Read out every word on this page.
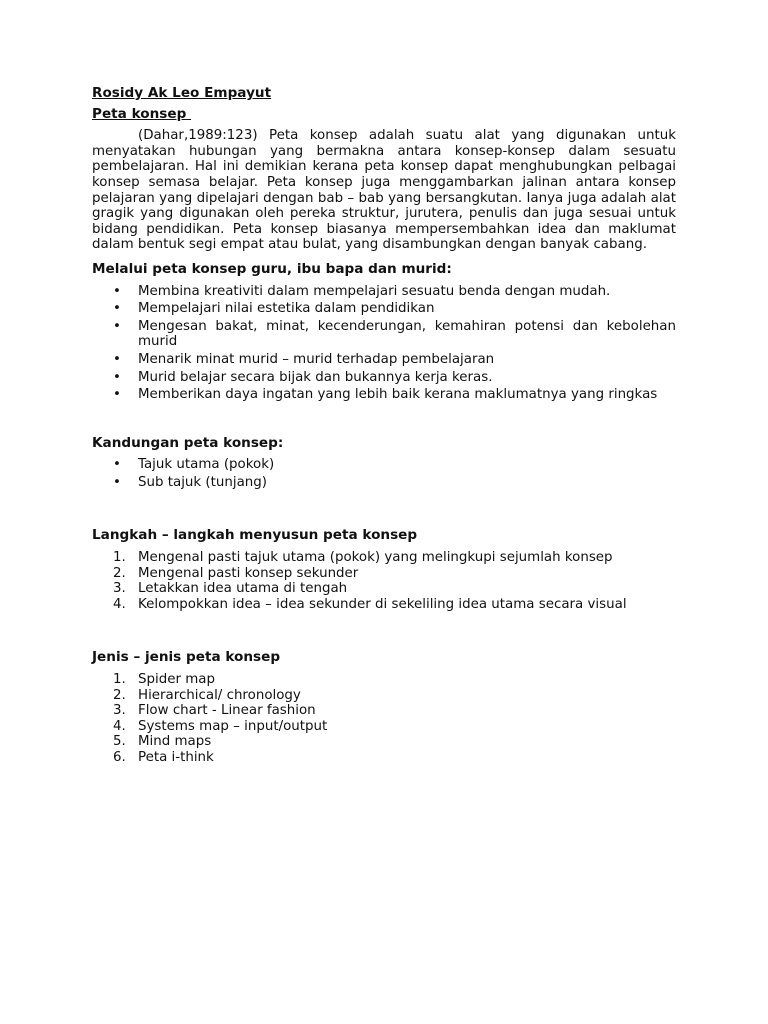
Rosidy Ak Leo Empayut

Peta konsep

(Dahar,1989:123) Peta konsep adalah suatu alat yang digunakan untuk menyatakan hubungan yang bermakna antara konsep-konsep dalam sesuatu pembelajaran. Hal ini demikian kerana peta konsep dapat menghubungkan pelbagai konsep semasa belajar. Peta konsep juga menggambarkan jalinan antara konsep pelajaran yang dipelajari dengan bab – bab yang bersangkutan. Ianya juga adalah alat gragik yang digunakan oleh pereka struktur, jurutera, penulis dan juga sesuai untuk bidang pendidikan. Peta konsep biasanya mempersembahkan idea dan maklumat dalam bentuk segi empat atau bulat, yang disambungkan dengan banyak cabang.

Melalui peta konsep guru, ibu bapa dan murid:

• Membina kreativiti dalam mempelajari sesuatu benda dengan mudah.
• Mempelajari nilai estetika dalam pendidikan
• Mengesan bakat, minat, kecenderungan, kemahiran potensi dan kebolehan murid
• Menarik minat murid – murid terhadap pembelajaran
• Murid belajar secara bijak dan bukannya kerja keras.
• Memberikan daya ingatan yang lebih baik kerana maklumatnya yang ringkas

Kandungan peta konsep:

• Tajuk utama (pokok)
• Sub tajuk (tunjang)

Langkah – langkah menyusun peta konsep

1. Mengenal pasti tajuk utama (pokok) yang melingkupi sejumlah konsep
2. Mengenal pasti konsep sekunder
3. Letakkan idea utama di tengah
4. Kelompokkan idea – idea sekunder di sekeliling idea utama secara visual

Jenis – jenis peta konsep

1. Spider map
2. Hierarchical/ chronology
3. Flow chart - Linear fashion
4. Systems map – input/output
5. Mind maps
6. Peta i-think
